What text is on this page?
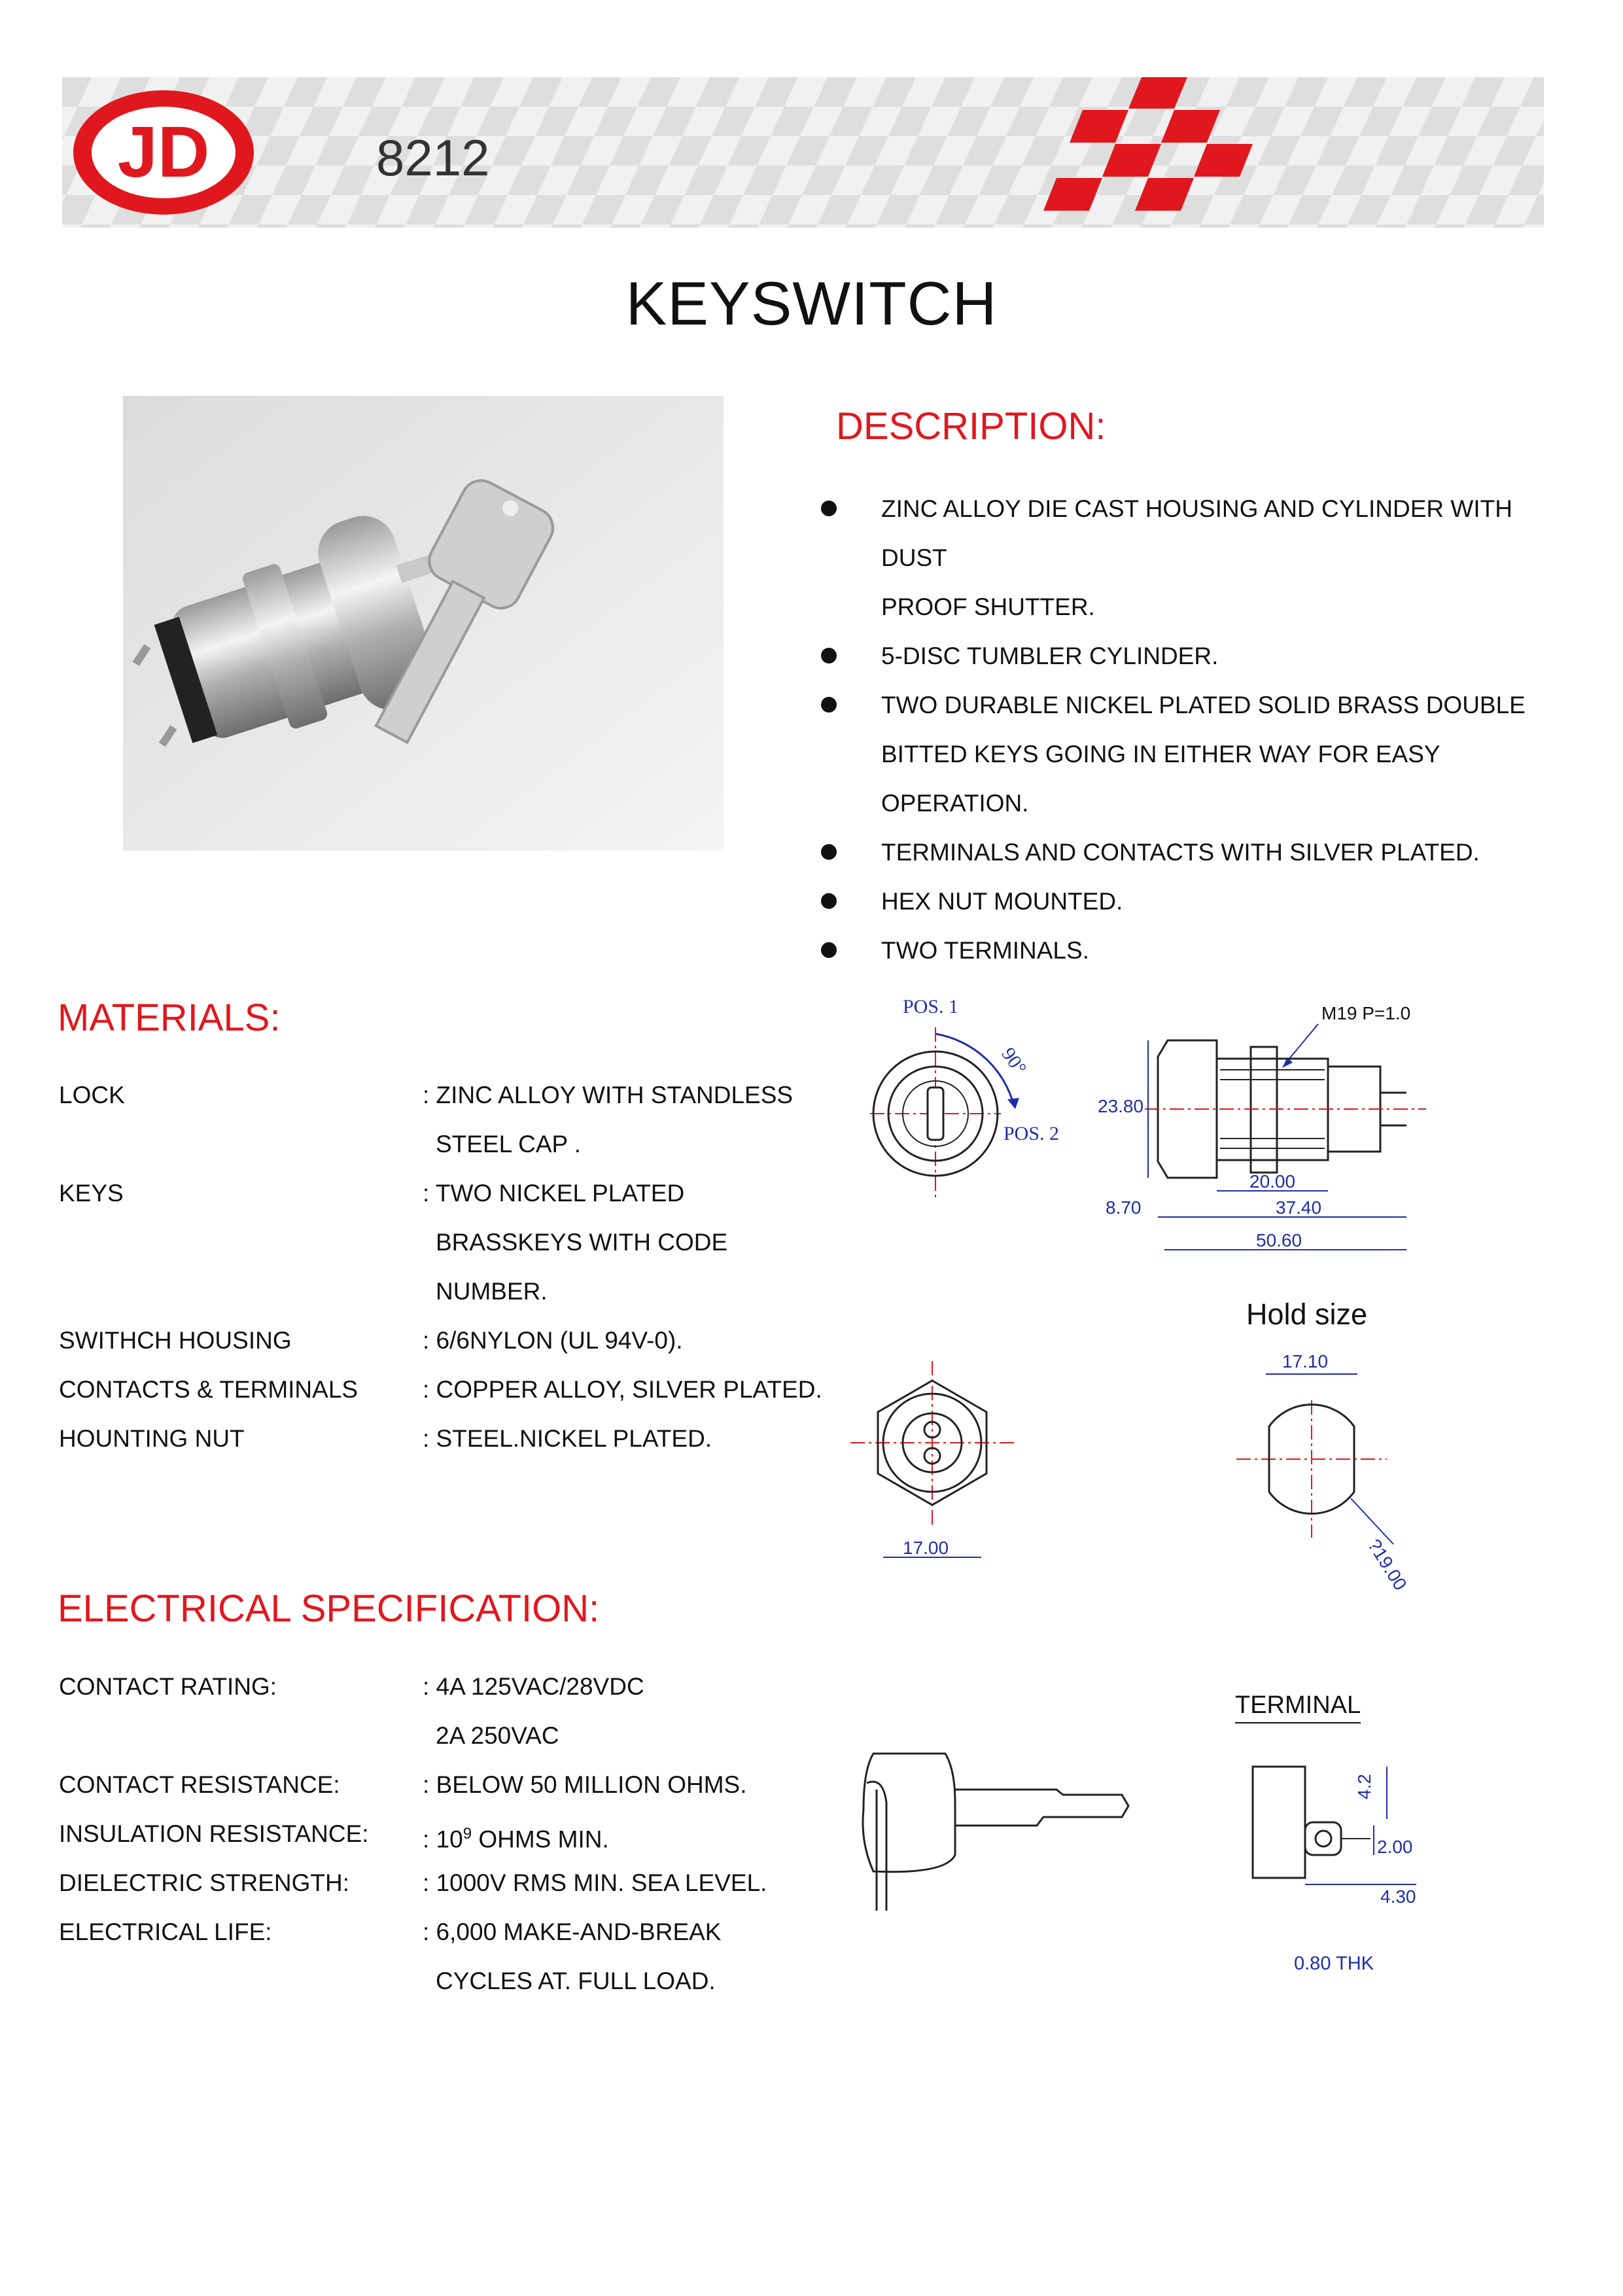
JD	8212
KEYSWITCH
DESCRIPTION:
ZINC ALLOY DIE CAST HOUSING AND CYLINDER WITH DUST
PROOF SHUTTER.
5-DISC TUMBLER CYLINDER.
TWO DURABLE NICKEL PLATED SOLID BRASS DOUBLE
BITTED KEYS GOING IN EITHER WAY FOR EASY OPERATION.
TERMINALS AND CONTACTS WITH SILVER PLATED.
HEX NUT MOUNTED.
TWO TERMINALS.
MATERIALS:
LOCK	: ZINC ALLOY WITH STANDLESS
STEEL CAP .
KEYS	: TWO NICKEL PLATED
BRASSKEYS WITH CODE
NUMBER.
SWITHCH HOUSING	: 6/6NYLON (UL 94V-0).
CONTACTS & TERMINALS	: COPPER ALLOY, SILVER PLATED.
HOUNTING NUT	: STEEL.NICKEL PLATED.
ELECTRICAL SPECIFICATION:
CONTACT RATING:	: 4A 125VAC/28VDC
2A 250VAC
CONTACT RESISTANCE:	: BELOW 50 MILLION OHMS.
INSULATION RESISTANCE: : $10^9$ OHMS MIN.
DIELECTRIC STRENGTH:	: 1000V RMS MIN. SEA LEVEL.
ELECTRICAL LIFE:	: 6,000 MAKE-AND-BREAK
CYCLES AT. FULL LOAD.
POS. 1
90°
POS. 2
M19 P=1.0
23.80
20.00
8.70	37.40
50.60
Hold size
17.10
?19.00
17.00
TERMINAL
4.2
2.00
4.30
0.80 THK
